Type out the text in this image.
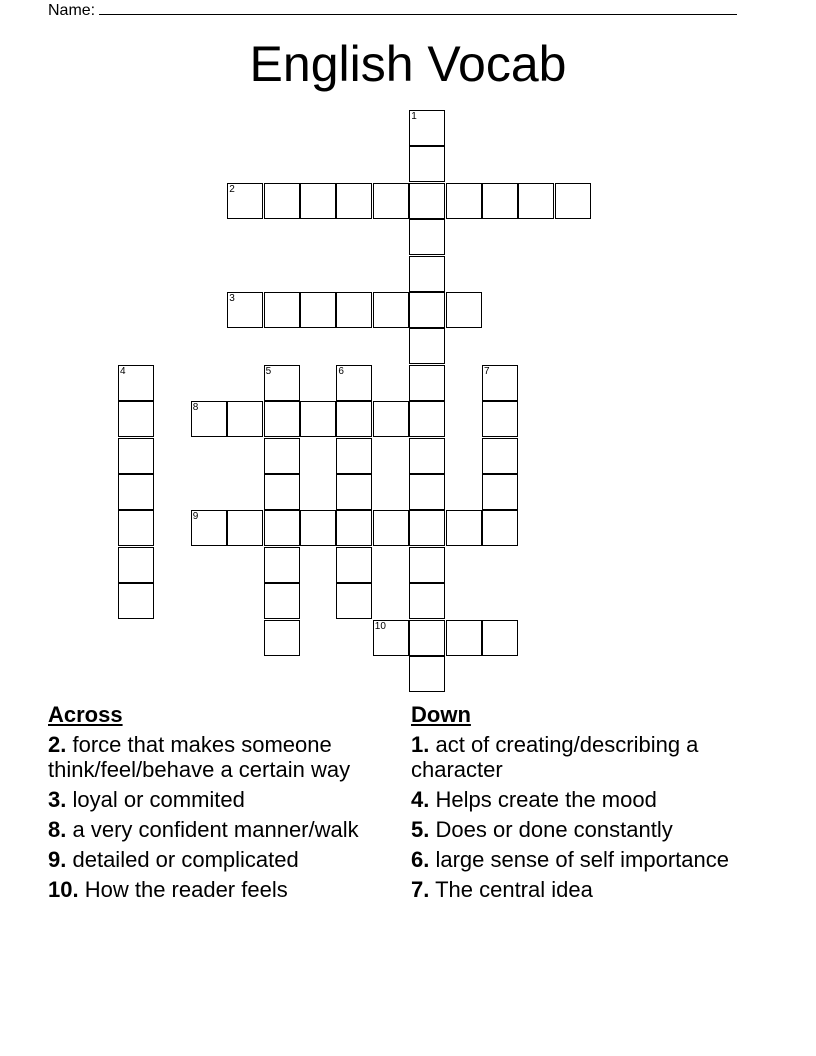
Name:
English Vocab
1
2
3
4	5	6	7
8
9
10
Across
2. force that makes someone think/feel/behave a certain way
3. loyal or commited
8. a very confident manner/walk
9. detailed or complicated
10. How the reader feels
Down
1. act of creating/describing a character
4. Helps create the mood
5. Does or done constantly
6. large sense of self importance
7. The central idea
